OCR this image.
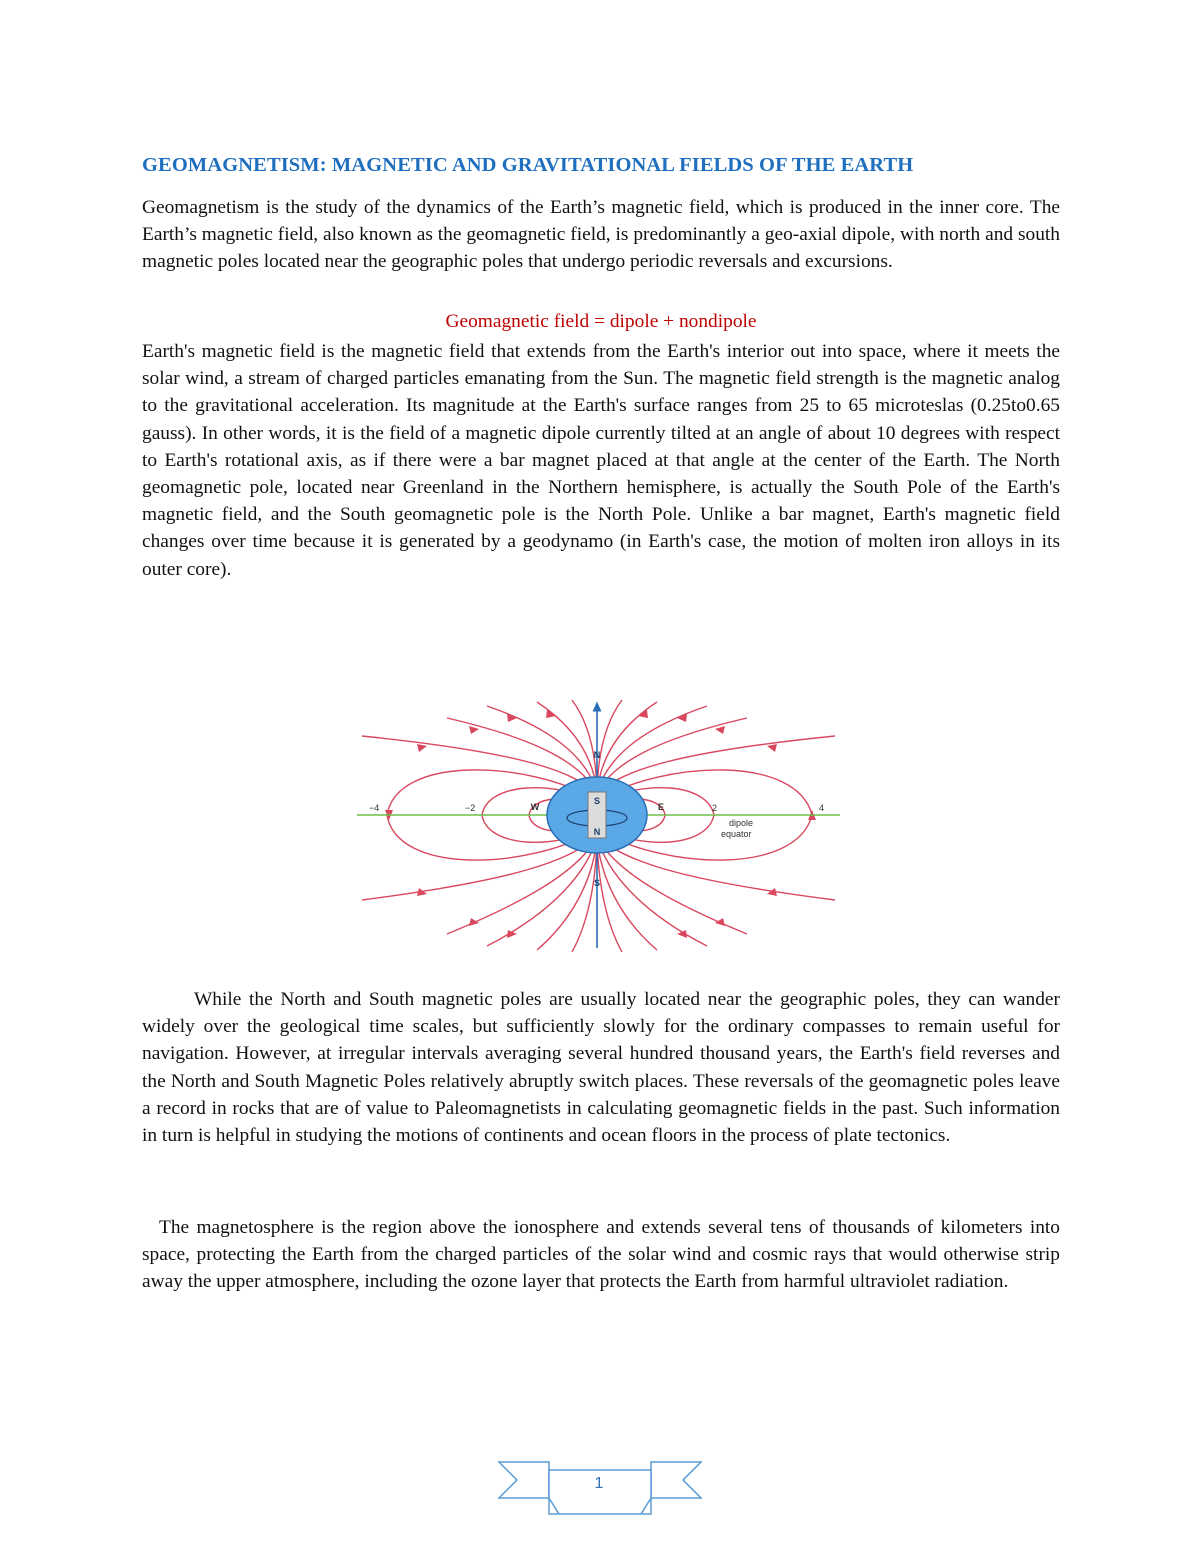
GEOMAGNETISM: MAGNETIC AND GRAVITATIONAL FIELDS OF THE EARTH

Geomagnetism is the study of the dynamics of the Earth’s magnetic field, which is produced in the inner core. The Earth’s magnetic field, also known as the geomagnetic field, is predominantly a geo-axial dipole, with north and south magnetic poles located near the geographic poles that undergo periodic reversals and excursions.

Geomagnetic field = dipole + nondipole

Earth's magnetic field is the magnetic field that extends from the Earth's interior out into space, where it meets the solar wind, a stream of charged particles emanating from the Sun. The magnetic field strength is the magnetic analog to the gravitational acceleration. Its magnitude at the Earth's surface ranges from 25 to 65 microteslas (0.25to0.65 gauss). In other words, it is the field of a magnetic dipole currently tilted at an angle of about 10 degrees with respect to Earth's rotational axis, as if there were a bar magnet placed at that angle at the center of the Earth. The North geomagnetic pole, located near Greenland in the Northern hemisphere, is actually the South Pole of the Earth's magnetic field, and the South geomagnetic pole is the North Pole. Unlike a bar magnet, Earth's magnetic field changes over time because it is generated by a geodynamo (in Earth's case, the motion of molten iron alloys in its outer core).

S
N
N
S
W	E
−4	−2	2	4
dipole
equator

While the North and South magnetic poles are usually located near the geographic poles, they can wander widely over the geological time scales, but sufficiently slowly for the ordinary compasses to remain useful for navigation. However, at irregular intervals averaging several hundred thousand years, the Earth's field reverses and the North and South Magnetic Poles relatively abruptly switch places. These reversals of the geomagnetic poles leave a record in rocks that are of value to Paleomagnetists in calculating geomagnetic fields in the past. Such information in turn is helpful in studying the motions of continents and ocean floors in the process of plate tectonics.

The magnetosphere is the region above the ionosphere and extends several tens of thousands of kilometers into space, protecting the Earth from the charged particles of the solar wind and cosmic rays that would otherwise strip away the upper atmosphere, including the ozone layer that protects the Earth from harmful ultraviolet radiation.

1
